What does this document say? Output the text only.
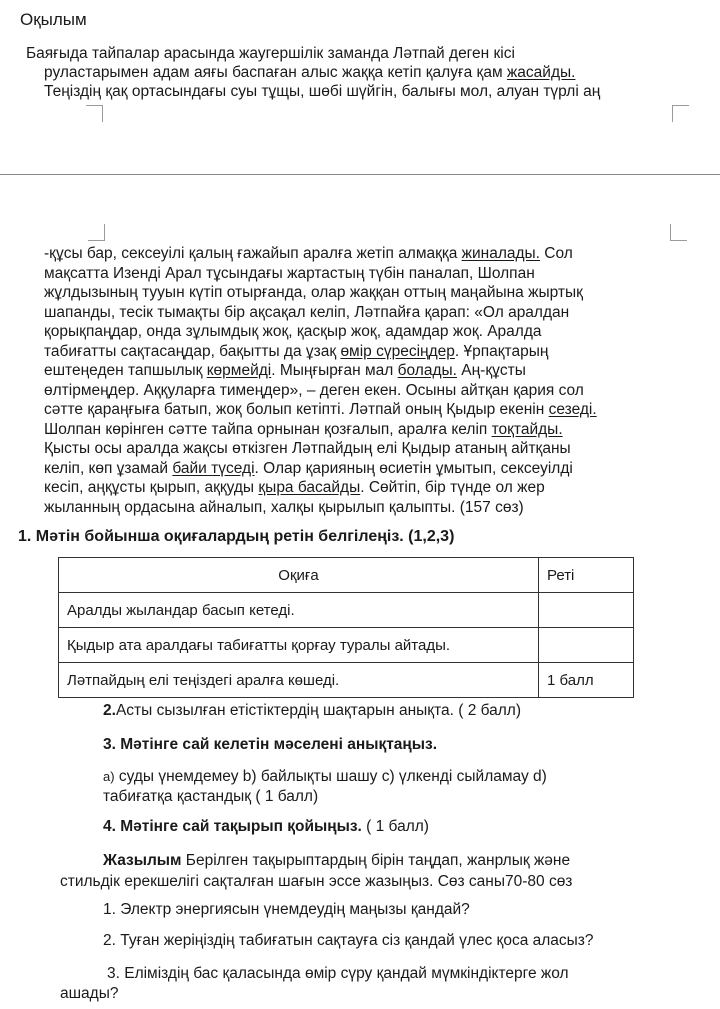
Оқылым
Баяғыда тайпалар арасында жаугершілік заманда Ләтпай деген кісі
руластарымен адам аяғы баспаған алыс жаққа кетіп қалуға қам жасайды.
Теңіздің қақ ортасындағы суы тұщы, шөбі шүйгін, балығы мол, алуан түрлі аң
-құсы бар, сексеуілі қалың ғажайып аралға жетіп алмаққа жиналады. Сол
мақсатта Изенді Арал тұсындағы жартастың түбін паналап, Шолпан
жұлдызының тууын күтіп отырғанда, олар жаққан оттың маңайына жыртық
шапанды, тесік тымақты бір ақсақал келіп, Ләтпайға қарап: «Ол аралдан
қорықпаңдар, онда зұлымдық жоқ, қасқыр жоқ, адамдар жоқ. Аралда
табиғатты сақтасаңдар, бақытты да ұзақ өмір сүресіңдер. Ұрпақтарың
ештеңеден тапшылық көрмейді. Мыңғырған мал болады. Аң-құсты
өлтірмеңдер. Аққуларға тимеңдер», – деген екен. Осыны айтқан қария сол
сәтте қараңғыға батып, жоқ болып кетіпті. Ләтпай оның Қыдыр екенін сезеді.
Шолпан көрінген сәтте тайпа орнынан қозғалып, аралға келіп тоқтайды.
Қысты осы аралда жақсы өткізген Ләтпайдың елі Қыдыр атаның айтқаны
келіп, көп ұзамай байи түседі. Олар қарияның өсиетін ұмытып, сексеуілді
кесіп, аңқұсты қырып, аққуды қыра басайды. Сөйтіп, бір түнде ол жер
жыланның ордасына айналып, халқы қырылып қалыпты. (157 сөз)
1. Мәтін бойынша оқиғалардың ретін белгілеңіз. (1,2,3)
Оқиға	Реті
Аралды жыландар басып кетеді.	
Қыдыр ата аралдағы табиғатты қорғау туралы айтады.	
Ләтпайдың елі теңіздегі аралға көшеді.	1 балл
2.Асты сызылған етістіктердің шақтарын анықта. ( 2 балл)
3. Мәтінге сай келетін мәселені анықтаңыз.
а) суды үнемдемеу b) байлықты шашу c) үлкенді сыйламау d)
табиғатқа қастандық ( 1 балл)
4. Мәтінге сай тақырып қойыңыз. ( 1 балл)
Жазылым Берілген тақырыптардың бірін таңдап, жанрлық және
стильдік ерекшелігі сақталған шағын эссе жазыңыз. Сөз саны70-80 сөз
1. Электр энергиясын үнемдеудің маңызы қандай?
2. Туған жеріңіздің табиғатын сақтауға сіз қандай үлес қоса аласыз?
3. Еліміздің бас қаласында өмір сүру қандай мүмкіндіктерге жол
ашады?
